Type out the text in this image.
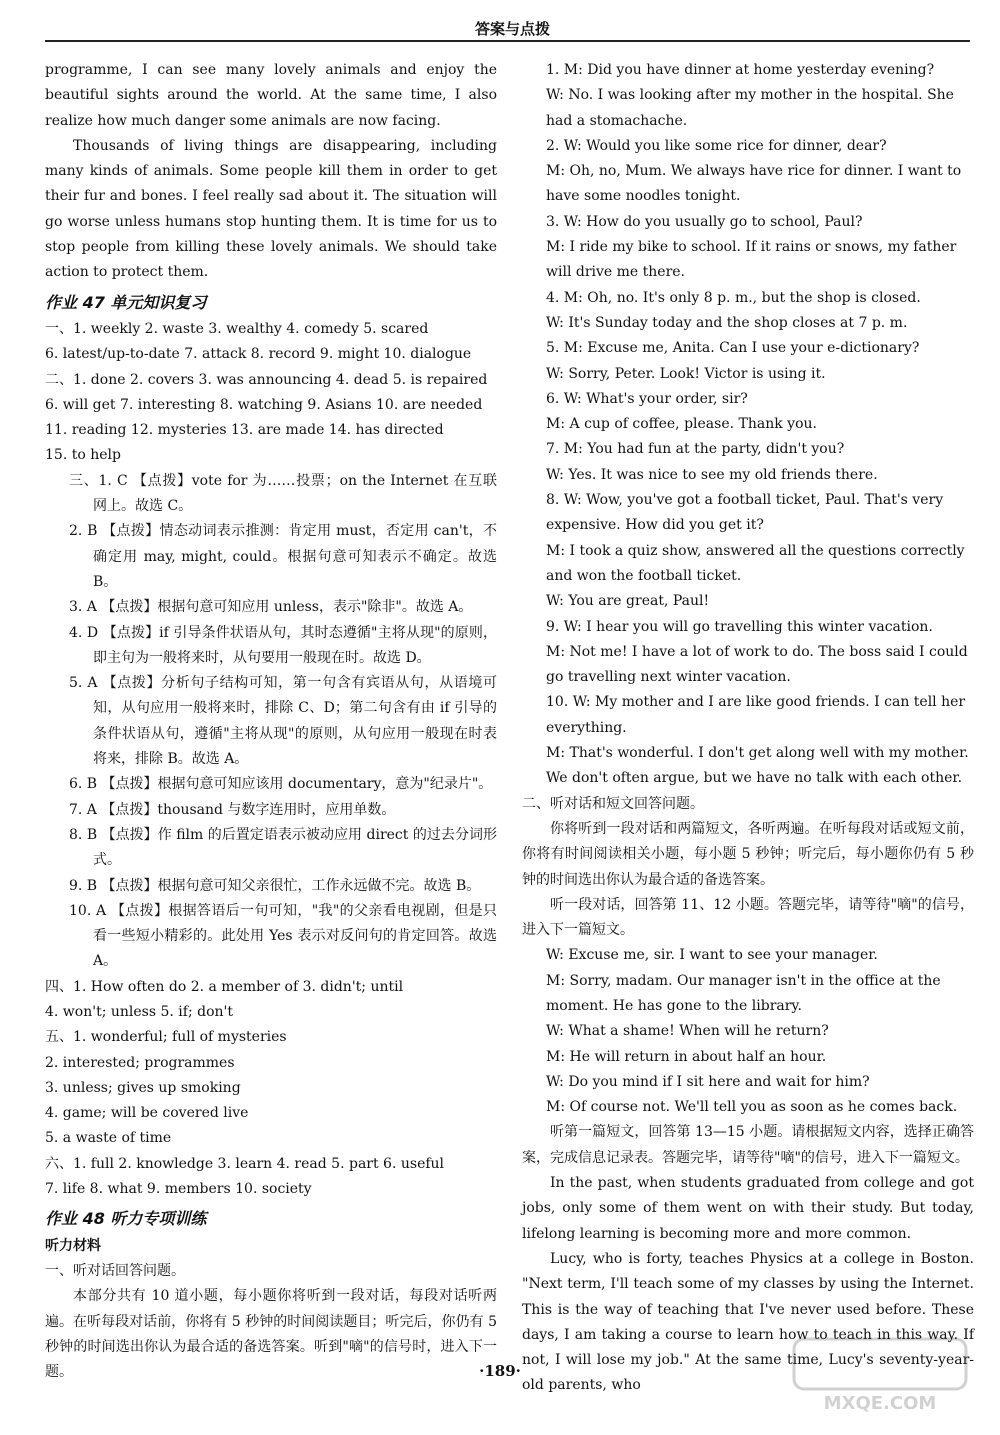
答案与点拨

programme, I can see many lovely animals and enjoy the beautiful sights around the world. At the same time, I also realize how much danger some animals are now facing.

Thousands of living things are disappearing, including many kinds of animals. Some people kill them in order to get their fur and bones. I feel really sad about it. The situation will go worse unless humans stop hunting them. It is time for us to stop people from killing these lovely animals. We should take action to protect them.

作业 47 单元知识复习

一、1. weekly 2. waste 3. wealthy 4. comedy 5. scared

6. latest/up-to-date 7. attack 8. record 9. might 10. dialogue

二、1. done 2. covers 3. was announcing 4. dead 5. is repaired

6. will get 7. interesting 8. watching 9. Asians 10. are needed

11. reading 12. mysteries 13. are made 14. has directed

15. to help

三、1. C 【点拨】vote for 为……投票；on the Internet 在互联网上。故选 C。

2. B 【点拨】情态动词表示推测：肯定用 must，否定用 can't，不确定用 may, might, could。根据句意可知表示不确定。故选 B。

3. A 【点拨】根据句意可知应用 unless，表示"除非"。故选 A。

4. D 【点拨】if 引导条件状语从句，其时态遵循"主将从现"的原则，即主句为一般将来时，从句要用一般现在时。故选 D。

5. A 【点拨】分析句子结构可知，第一句含有宾语从句，从语境可知，从句应用一般将来时，排除 C、D；第二句含有由 if 引导的条件状语从句，遵循"主将从现"的原则，从句应用一般现在时表将来，排除 B。故选 A。

6. B 【点拨】根据句意可知应该用 documentary，意为"纪录片"。

7. A 【点拨】thousand 与数字连用时，应用单数。

8. B 【点拨】作 film 的后置定语表示被动应用 direct 的过去分词形式。

9. B 【点拨】根据句意可知父亲很忙，工作永远做不完。故选 B。

10. A 【点拨】根据答语后一句可知，"我"的父亲看电视剧，但是只看一些短小精彩的。此处用 Yes 表示对反问句的肯定回答。故选 A。

四、1. How often do 2. a member of 3. didn't; until

4. won't; unless 5. if; don't

五、1. wonderful; full of mysteries

2. interested; programmes

3. unless; gives up smoking

4. game; will be covered live

5. a waste of time

六、1. full 2. knowledge 3. learn 4. read 5. part 6. useful

7. life 8. what 9. members 10. society

作业 48 听力专项训练
听力材料

一、听对话回答问题。

本部分共有 10 道小题，每小题你将听到一段对话，每段对话听两遍。在听每段对话前，你将有 5 秒钟的时间阅读题目；听完后，你仍有 5 秒钟的时间选出你认为最合适的备选答案。听到"嘀"的信号时，进入下一题。

1. M: Did you have dinner at home yesterday evening?

W: No. I was looking after my mother in the hospital. She had a stomachache.

2. W: Would you like some rice for dinner, dear?

M: Oh, no, Mum. We always have rice for dinner. I want to have some noodles tonight.

3. W: How do you usually go to school, Paul?

M: I ride my bike to school. If it rains or snows, my father will drive me there.

4. M: Oh, no. It's only 8 p. m., but the shop is closed.

W: It's Sunday today and the shop closes at 7 p. m.

5. M: Excuse me, Anita. Can I use your e-dictionary?

W: Sorry, Peter. Look! Victor is using it.

6. W: What's your order, sir?

M: A cup of coffee, please. Thank you.

7. M: You had fun at the party, didn't you?

W: Yes. It was nice to see my old friends there.

8. W: Wow, you've got a football ticket, Paul. That's very expensive. How did you get it?

M: I took a quiz show, answered all the questions correctly and won the football ticket.

W: You are great, Paul!

9. W: I hear you will go travelling this winter vacation.

M: Not me! I have a lot of work to do. The boss said I could go travelling next winter vacation.

10. W: My mother and I are like good friends. I can tell her everything.

M: That's wonderful. I don't get along well with my mother. We don't often argue, but we have no talk with each other.

二、听对话和短文回答问题。

你将听到一段对话和两篇短文，各听两遍。在听每段对话或短文前，你将有时间阅读相关小题，每小题 5 秒钟；听完后，每小题你仍有 5 秒钟的时间选出你认为最合适的备选答案。

听一段对话，回答第 11、12 小题。答题完毕，请等待"嘀"的信号，进入下一篇短文。

W: Excuse me, sir. I want to see your manager.

M: Sorry, madam. Our manager isn't in the office at the moment. He has gone to the library.

W: What a shame! When will he return?

M: He will return in about half an hour.

W: Do you mind if I sit here and wait for him?

M: Of course not. We'll tell you as soon as he comes back.

听第一篇短文，回答第 13—15 小题。请根据短文内容，选择正确答案，完成信息记录表。答题完毕，请等待"嘀"的信号，进入下一篇短文。

In the past, when students graduated from college and got jobs, only some of them went on with their study. But today, lifelong learning is becoming more and more common.

Lucy, who is forty, teaches Physics at a college in Boston. "Next term, I'll teach some of my classes by using the Internet. This is the way of teaching that I've never used before. These days, I am taking a course to learn how to teach in this way. If not, I will lose my job." At the same time, Lucy's seventy-year-old parents, who

·189·
MXQE.COM
